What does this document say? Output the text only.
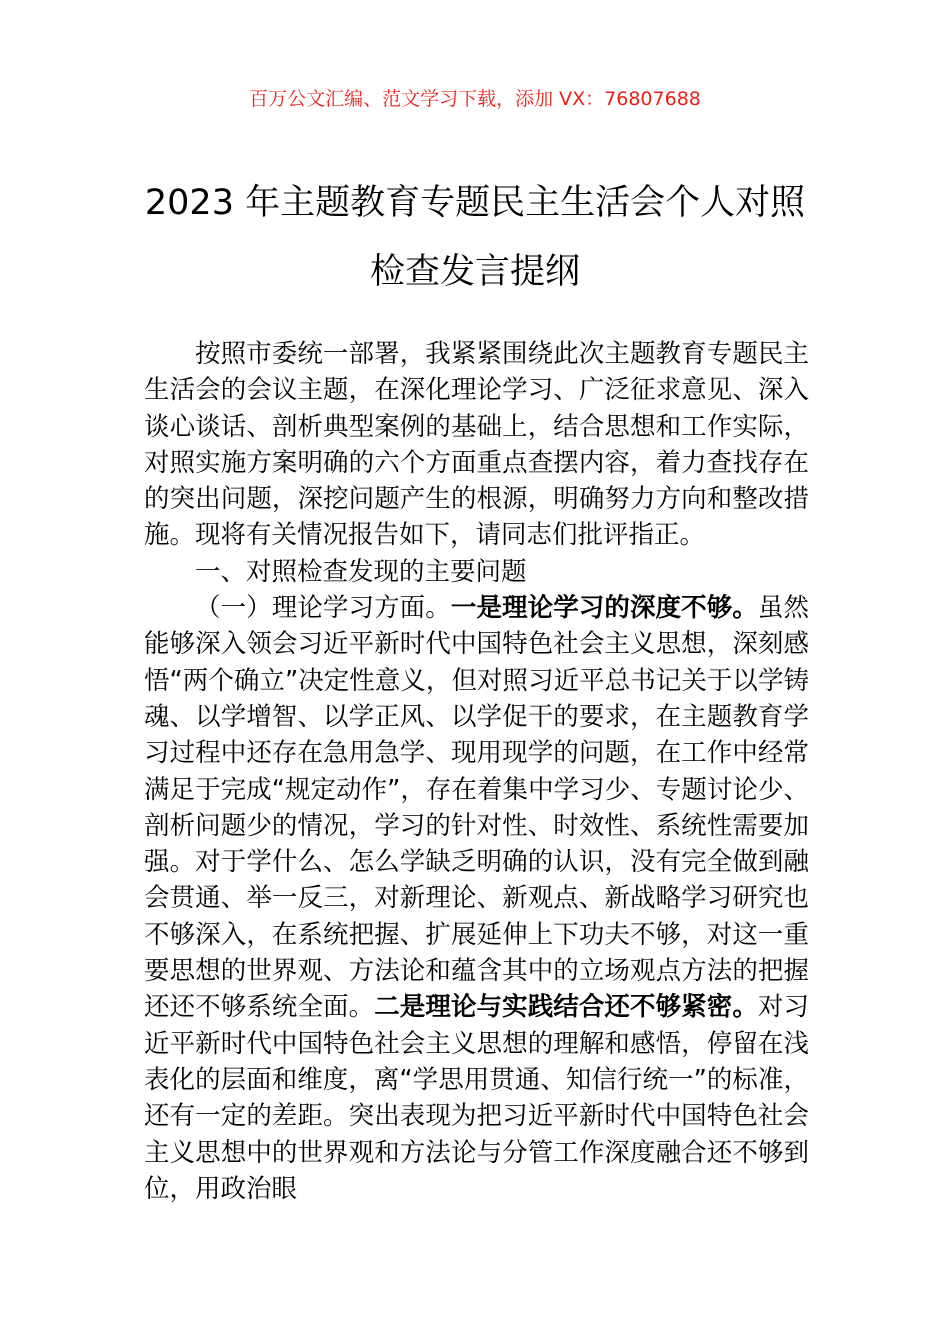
百万公文汇编、范文学习下载，添加 VX：76807688
2023 年主题教育专题民主生活会个人对照
检查发言提纲

按照市委统一部署，我紧紧围绕此次主题教育专题民主生活会的会议主题，在深化理论学习、广泛征求意见、深入谈心谈话、剖析典型案例的基础上，结合思想和工作实际，对照实施方案明确的六个方面重点查摆内容，着力查找存在的突出问题，深挖问题产生的根源，明确努力方向和整改措施。现将有关情况报告如下，请同志们批评指正。

一、对照检查发现的主要问题

（一）理论学习方面。一是理论学习的深度不够。虽然能够深入领会习近平新时代中国特色社会主义思想，深刻感悟“两个确立”决定性意义，但对照习近平总书记关于以学铸魂、以学增智、以学正风、以学促干的要求，在主题教育学习过程中还存在急用急学、现用现学的问题，在工作中经常满足于完成“规定动作”，存在着集中学习少、专题讨论少、剖析问题少的情况，学习的针对性、时效性、系统性需要加强。对于学什么、怎么学缺乏明确的认识，没有完全做到融会贯通、举一反三，对新理论、新观点、新战略学习研究也不够深入，在系统把握、扩展延伸上下功夫不够，对这一重要思想的世界观、方法论和蕴含其中的立场观点方法的把握还还不够系统全面。二是理论与实践结合还不够紧密。对习近平新时代中国特色社会主义思想的理解和感悟，停留在浅表化的层面和维度，离“学思用贯通、知信行统一”的标准，还有一定的差距。突出表现为把习近平新时代中国特色社会主义思想中的世界观和方法论与分管工作深度融合还不够到位，用政治眼
